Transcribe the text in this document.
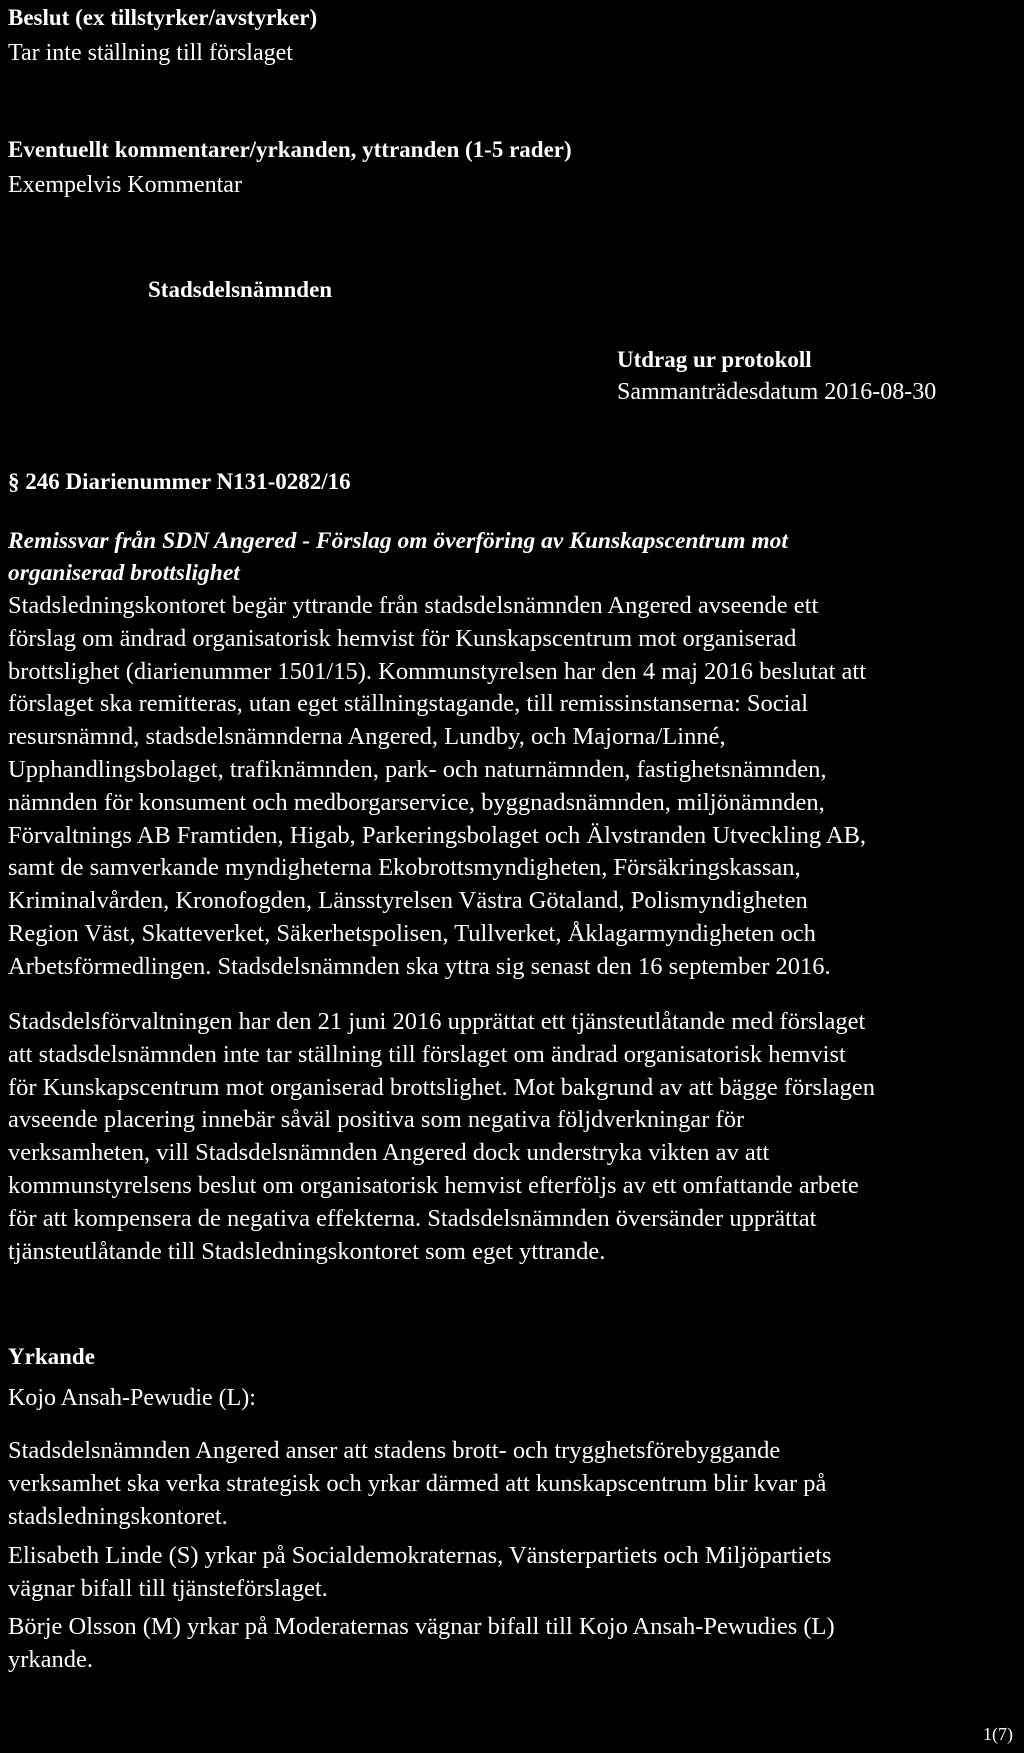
Beslut (ex tillstyrker/avstyrker)
Tar inte ställning till förslaget
Eventuellt kommentarer/yrkanden, yttranden (1-5 rader)
Exempelvis Kommentar
Stadsdelsnämnden
Utdrag ur protokoll
Sammanträdesdatum 2016-08-30
§ 246 Diarienummer N131-0282/16
Remissvar från SDN Angered - Förslag om överföring av Kunskapscentrum mot
organiserad brottslighet
Stadsledningskontoret begär yttrande från stadsdelsnämnden Angered avseende ett
förslag om ändrad organisatorisk hemvist för Kunskapscentrum mot organiserad
brottslighet (diarienummer 1501/15). Kommunstyrelsen har den 4 maj 2016 beslutat att
förslaget ska remitteras, utan eget ställningstagande, till remissinstanserna: Social
resursnämnd, stadsdelsnämnderna Angered, Lundby, och Majorna/Linné,
Upphandlingsbolaget, trafiknämnden, park- och naturnämnden, fastighetsnämnden,
nämnden för konsument och medborgarservice, byggnadsnämnden, miljönämnden,
Förvaltnings AB Framtiden, Higab, Parkeringsbolaget och Älvstranden Utveckling AB,
samt de samverkande myndigheterna Ekobrottsmyndigheten, Försäkringskassan,
Kriminalvården, Kronofogden, Länsstyrelsen Västra Götaland, Polismyndigheten
Region Väst, Skatteverket, Säkerhetspolisen, Tullverket, Åklagarmyndigheten och
Arbetsförmedlingen. Stadsdelsnämnden ska yttra sig senast den 16 september 2016.
Stadsdelsförvaltningen har den 21 juni 2016 upprättat ett tjänsteutlåtande med förslaget
att stadsdelsnämnden inte tar ställning till förslaget om ändrad organisatorisk hemvist
för Kunskapscentrum mot organiserad brottslighet. Mot bakgrund av att bägge förslagen
avseende placering innebär såväl positiva som negativa följdverkningar för
verksamheten, vill Stadsdelsnämnden Angered dock understryka vikten av att
kommunstyrelsens beslut om organisatorisk hemvist efterföljs av ett omfattande arbete
för att kompensera de negativa effekterna. Stadsdelsnämnden översänder upprättat
tjänsteutlåtande till Stadsledningskontoret som eget yttrande.
Yrkande
Kojo Ansah-Pewudie (L):
Stadsdelsnämnden Angered anser att stadens brott- och trygghetsförebyggande
verksamhet ska verka strategisk och yrkar därmed att kunskapscentrum blir kvar på
stadsledningskontoret.
Elisabeth Linde (S) yrkar på Socialdemokraternas, Vänsterpartiets och Miljöpartiets
vägnar bifall till tjänsteförslaget.
Börje Olsson (M) yrkar på Moderaternas vägnar bifall till Kojo Ansah-Pewudies (L)
yrkande.
1(7)
